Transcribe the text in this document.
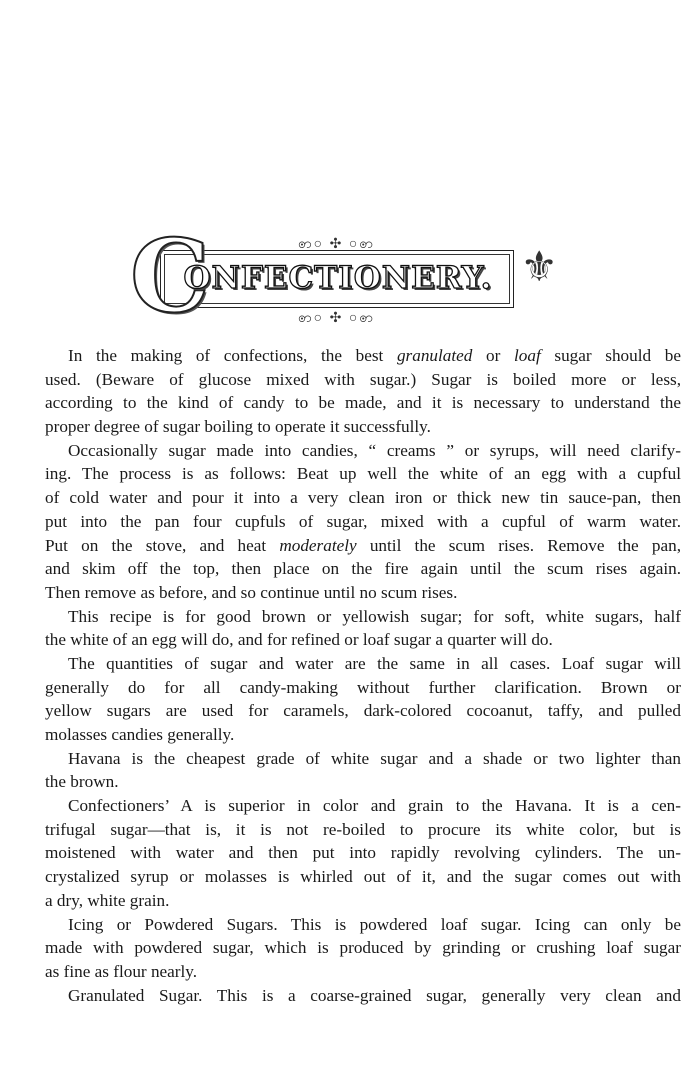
ꩦ○ ✣ ○ꩦ
ꩦ○ ✣ ○ꩦ
⚜
C
ONFECTIONERY.
In the making of confections, the best granulated or loaf sugar should be
used. (Beware of glucose mixed with sugar.) Sugar is boiled more or less,
according to the kind of candy to be made, and it is necessary to understand the
proper degree of sugar boiling to operate it successfully.
Occasionally sugar made into candies, “ creams ” or syrups, will need clarify-
ing. The process is as follows: Beat up well the white of an egg with a cupful
of cold water and pour it into a very clean iron or thick new tin sauce-pan, then
put into the pan four cupfuls of sugar, mixed with a cupful of warm water.
Put on the stove, and heat moderately until the scum rises. Remove the pan,
and skim off the top, then place on the fire again until the scum rises again.
Then remove as before, and so continue until no scum rises.
This recipe is for good brown or yellowish sugar; for soft, white sugars, half
the white of an egg will do, and for refined or loaf sugar a quarter will do.
The quantities of sugar and water are the same in all cases. Loaf sugar will
generally do for all candy-making without further clarification. Brown or
yellow sugars are used for caramels, dark-colored cocoanut, taffy, and pulled
molasses candies generally.
Havana is the cheapest grade of white sugar and a shade or two lighter than
the brown.
Confectioners’ A is superior in color and grain to the Havana. It is a cen-
trifugal sugar—that is, it is not re-boiled to procure its white color, but is
moistened with water and then put into rapidly revolving cylinders. The un-
crystalized syrup or molasses is whirled out of it, and the sugar comes out with
a dry, white grain.
Icing or Powdered Sugars. This is powdered loaf sugar. Icing can only be
made with powdered sugar, which is produced by grinding or crushing loaf sugar
as fine as flour nearly.
Granulated Sugar. This is a coarse-grained sugar, generally very clean and
